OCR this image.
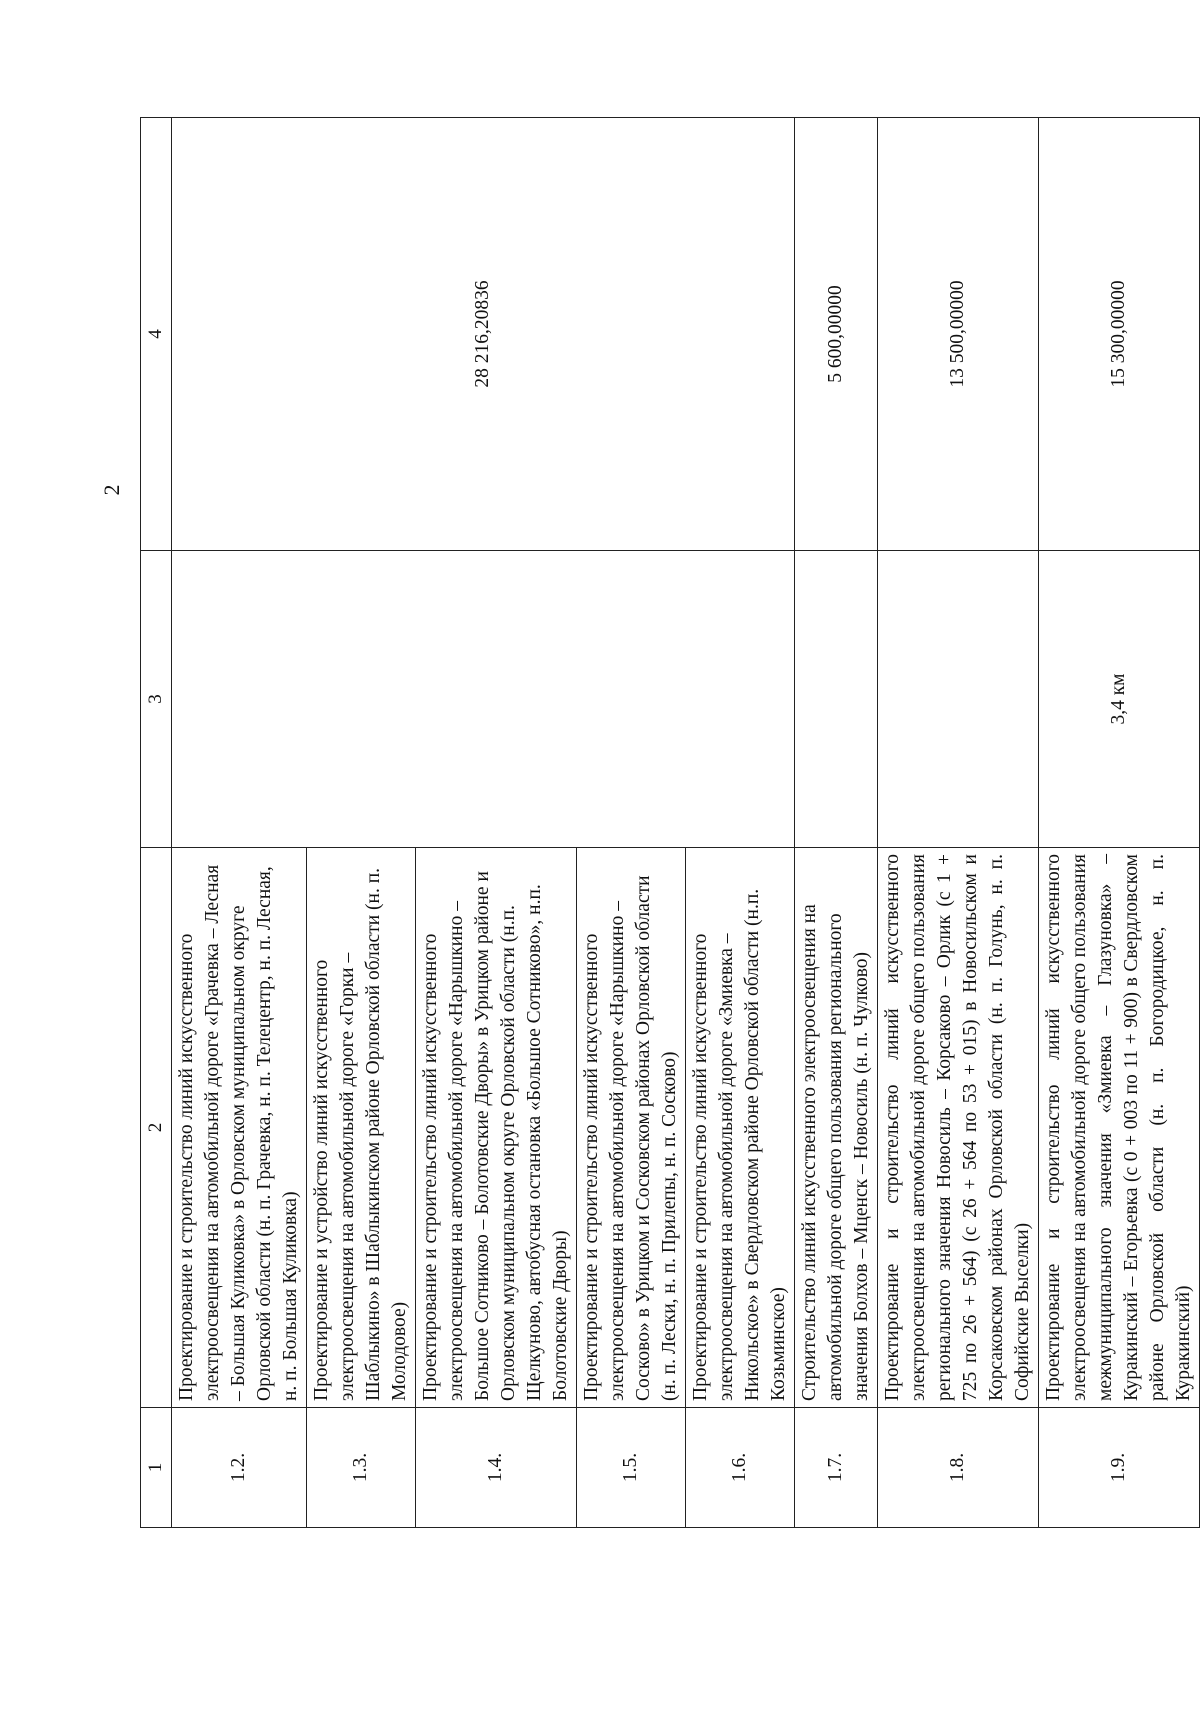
2
1	2	3	4
1.2.	Проектирование и строительство линий искусственного электроосвещения на автомобильной дороге «Грачевка – Лесная – Большая Куликовка» в Орловском муниципальном округе Орловской области (н. п. Грачевка, н. п. Телецентр, н. п. Лесная, н. п. Большая Куликовка)		28 216,20836
1.3.	Проектирование и устройство линий искусственного электроосвещения на автомобильной дороге «Горки – Шаблыкино» в Шаблыкинском районе Орловской области (н. п. Молодовое)		
1.4.	Проектирование и строительство линий искусственного электроосвещения на автомобильной дороге «Нарышкино – Большое Сотниково – Болотовские Дворы» в Урицком районе и Орловском муниципальном округе Орловской области (н.п. Щелкуново, автобусная остановка «Большое Сотниково», н.п. Болотовские Дворы)		
1.5.	Проектирование и строительство линий искусственного электроосвещения на автомобильной дороге «Нарышкино – Сосково» в Урицком и Сосковском районах Орловской области (н. п. Лески, н. п. Прилепы, н. п. Сосково)		
1.6.	Проектирование и строительство линий искусственного электроосвещения на автомобильной дороге «Змиевка – Никольское» в Свердловском районе Орловской области (н.п. Козьминское)		
1.7.	Строительство линий искусственного электроосвещения на автомобильной дороге общего пользования регионального значения Болхов – Мценск – Новосиль (н. п. Чулково)		5 600,00000
1.8.	Проектирование и строительство линий искусственного электроосвещения на автомобильной дороге общего пользования регионального значения Новосиль – Корсаково – Орлик (с 1 + 725 по 26 + 564) (с 26 + 564 по 53 + 015) в Новосильском и Корсаковском районах Орловской области (н. п. Голунь, н. п. Софийские Выселки)		13 500,00000
1.9.	Проектирование и строительство линий искусственного электроосвещения на автомобильной дороге общего пользования межмуниципального значения «Змиевка – Глазуновка» – Куракинский – Егорьевка (с 0 + 003 по 11 + 900) в Свердловском районе Орловской области (н. п. Богородицкое, н. п. Куракинский)	3,4 км	15 300,00000
